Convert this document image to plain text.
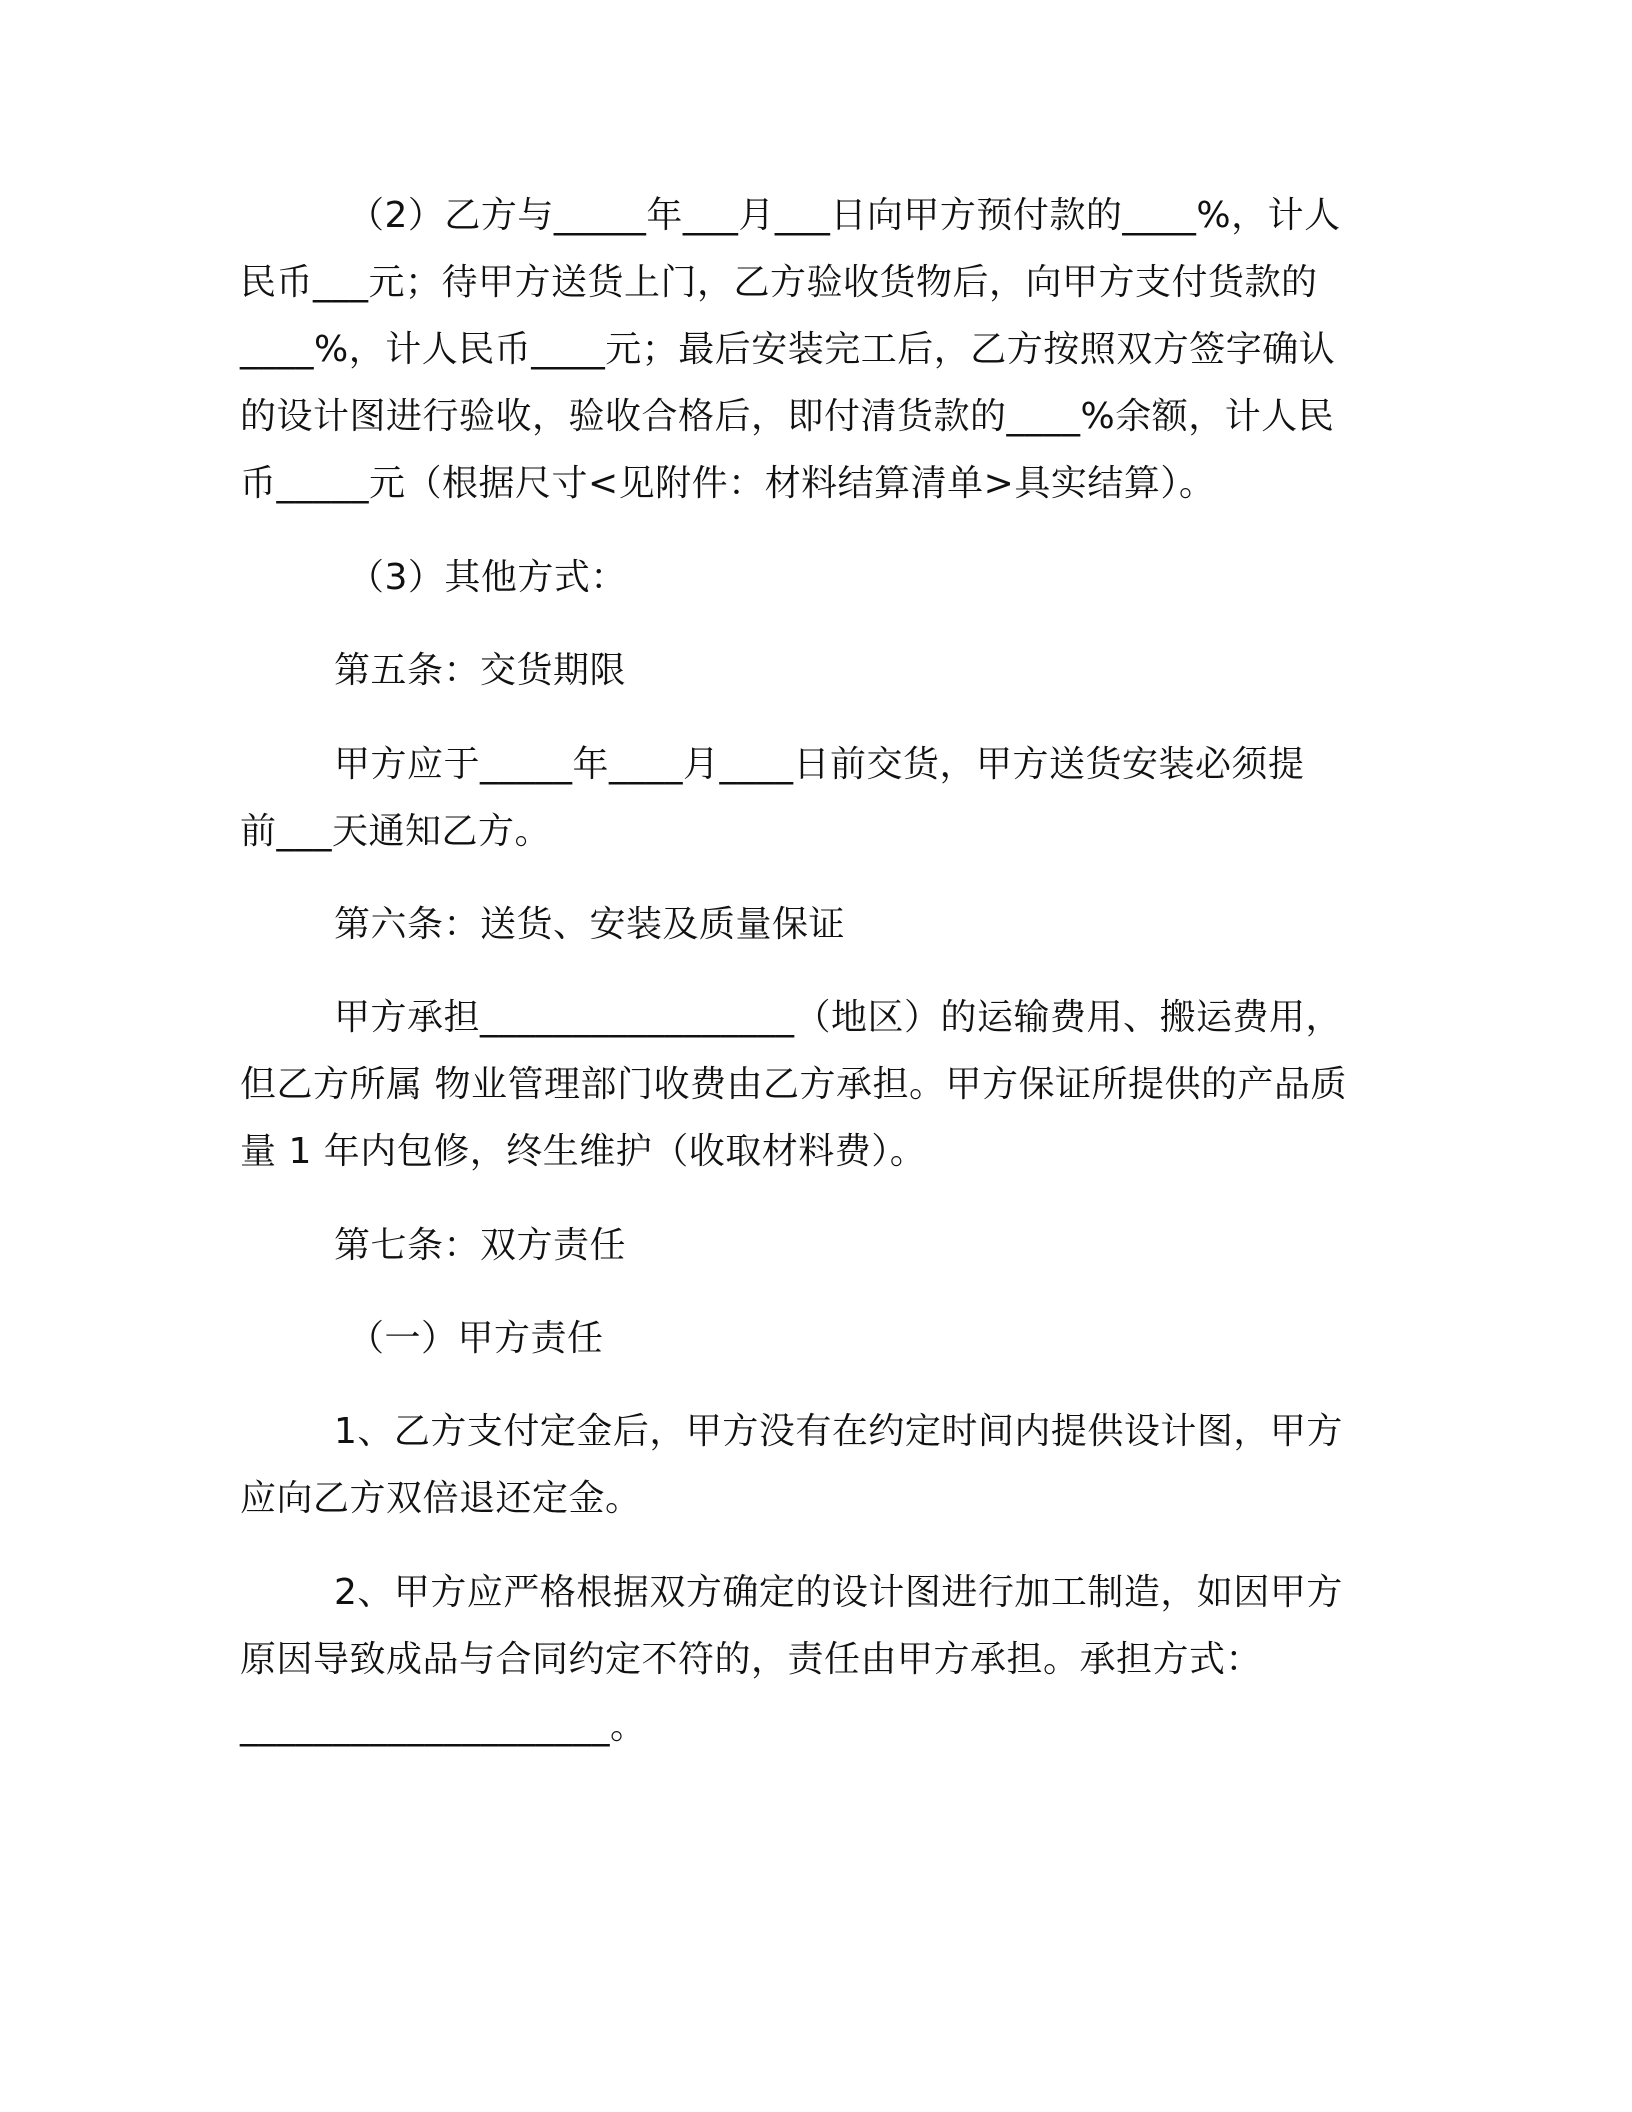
（2）乙方与_____年___月___日向甲方预付款的____%，计人
民币___元；待甲方送货上门，乙方验收货物后，向甲方支付货款的
____%，计人民币____元；最后安装完工后，乙方按照双方签字确认
的设计图进行验收，验收合格后，即付清货款的____%余额，计人民
币_____元（根据尺寸<见附件：材料结算清单>具实结算）。
（3）其他方式：
第五条：交货期限
甲方应于_____年____月____日前交货，甲方送货安装必须提
前___天通知乙方。
第六条：送货、安装及质量保证
甲方承担_________________（地区）的运输费用、搬运费用，
但乙方所属 物业管理部门收费由乙方承担。甲方保证所提供的产品质
量 1 年内包修，终生维护（收取材料费）。
第七条：双方责任
（一）甲方责任
1、乙方支付定金后，甲方没有在约定时间内提供设计图，甲方
应向乙方双倍退还定金。
2、甲方应严格根据双方确定的设计图进行加工制造，如因甲方
原因导致成品与合同约定不符的，责任由甲方承担。承担方式：
____________________。
